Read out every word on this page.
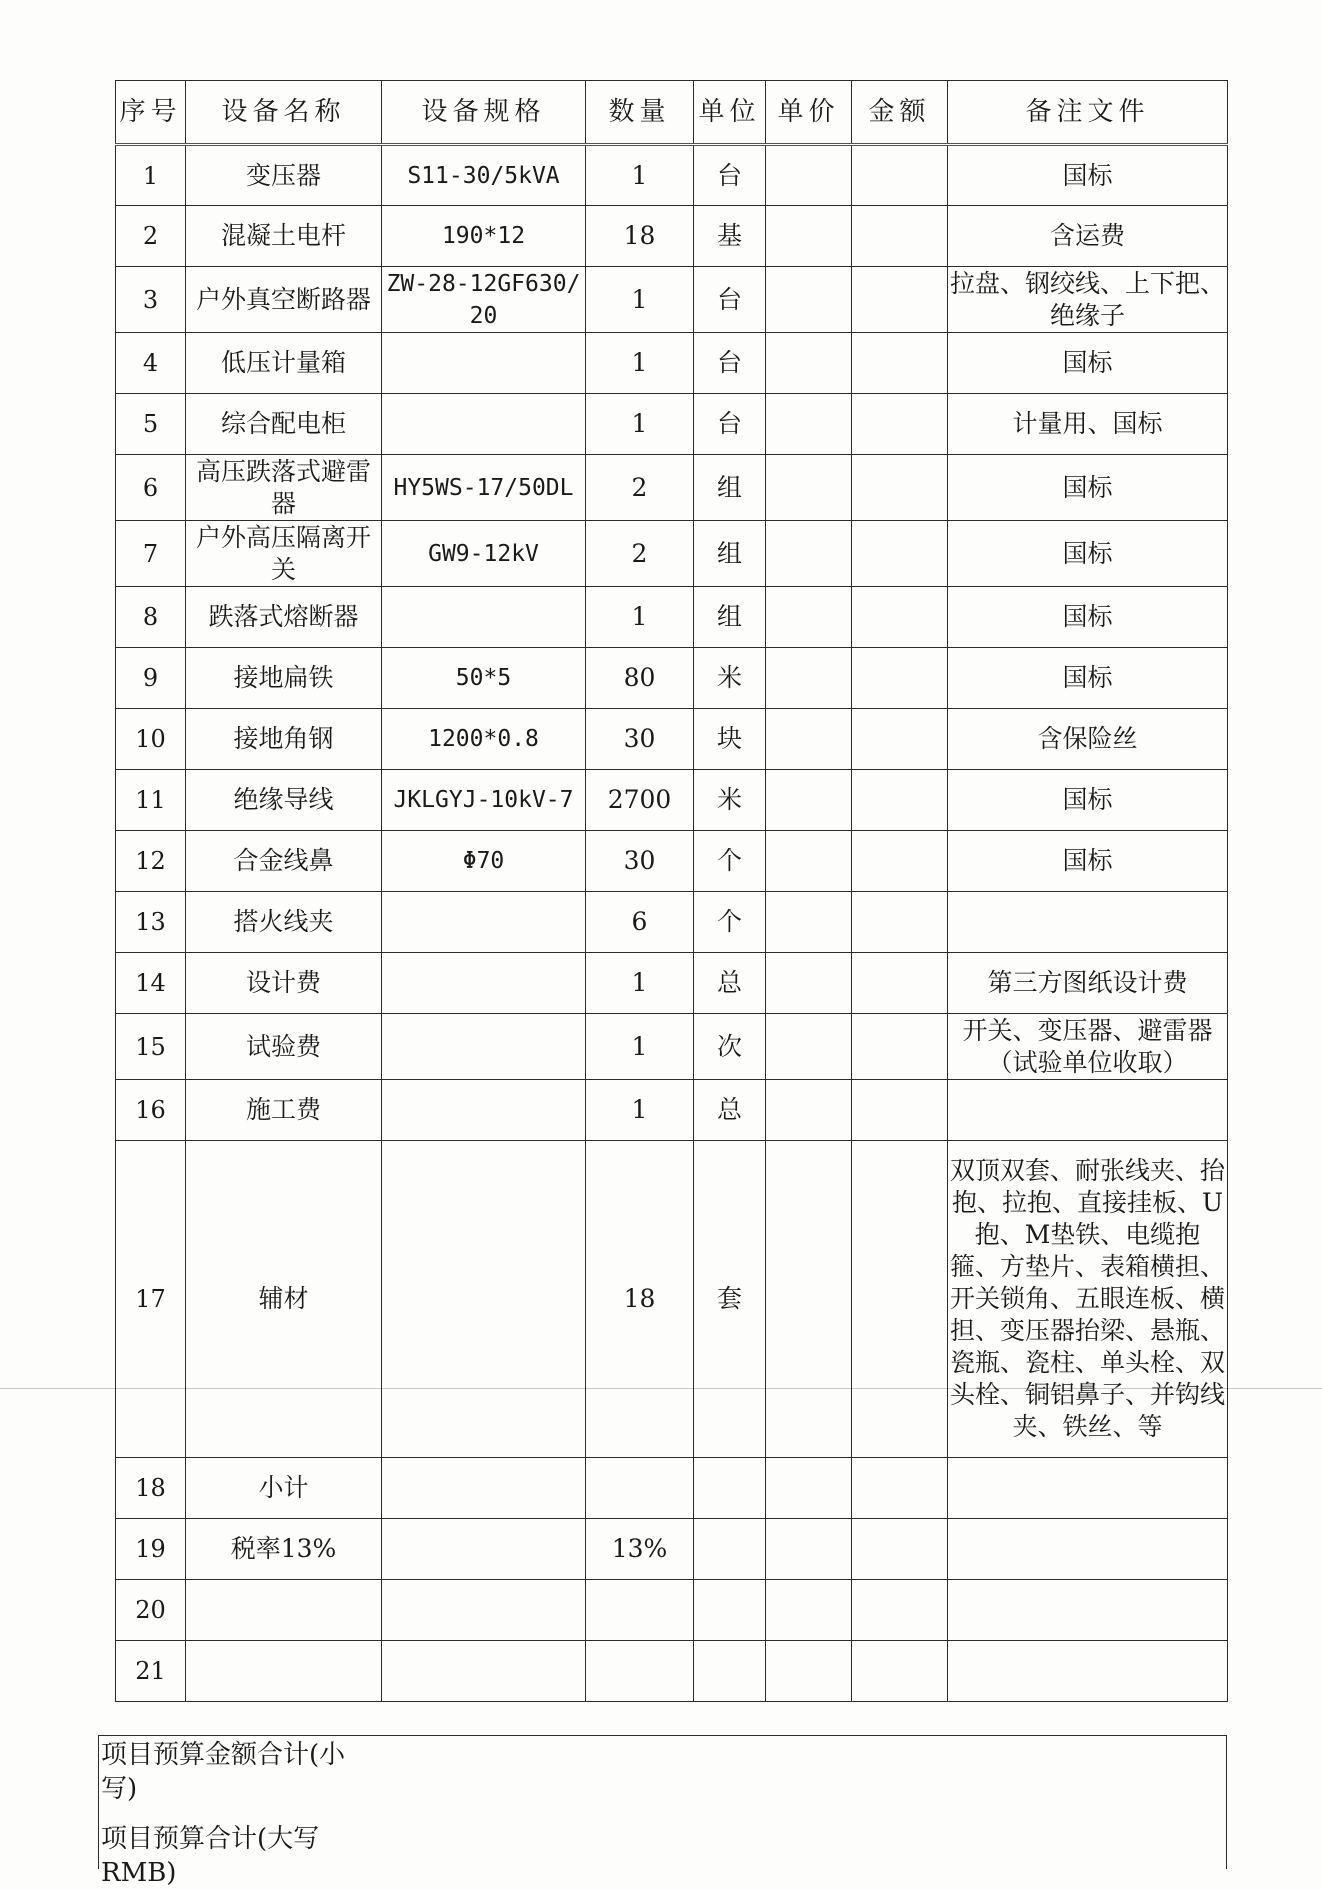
序号	设备名称	设备规格	数量	单位	单价	金额	备注文件
1	变压器	S11-30/5kVA	1	台			国标
2	混凝土电杆	190*12	18	基			含运费
3	户外真空断路器	ZW-28-12GF630/20	1	台			拉盘、钢绞线、上下把、绝缘子
4	低压计量箱		1	台			国标
5	综合配电柜		1	台			计量用、国标
6	高压跌落式避雷器	HY5WS-17/50DL	2	组			国标
7	户外高压隔离开关	GW9-12kV	2	组			国标
8	跌落式熔断器		1	组			国标
9	接地扁铁	50*5	80	米			国标
10	接地角钢	1200*0.8	30	块			含保险丝
11	绝缘导线	JKLGYJ-10kV-7	2700	米			国标
12	合金线鼻	Φ70	30	个			国标
13	搭火线夹		6	个			
14	设计费		1	总			第三方图纸设计费
15	试验费		1	次			开关、变压器、避雷器（试验单位收取）
16	施工费		1	总			
17	辅材		18	套			双顶双套、耐张线夹、抬抱、拉抱、直接挂板、U抱、M垫铁、电缆抱箍、方垫片、表箱横担、开关锁角、五眼连板、横担、变压器抬梁、悬瓶、瓷瓶、瓷柱、单头栓、双头栓、铜铝鼻子、并钩线夹、铁丝、等
18	小计						
19	税率13%		13%				
20							
21							
项目预算金额合计(小写)
项目预算合计(大写RMB)
